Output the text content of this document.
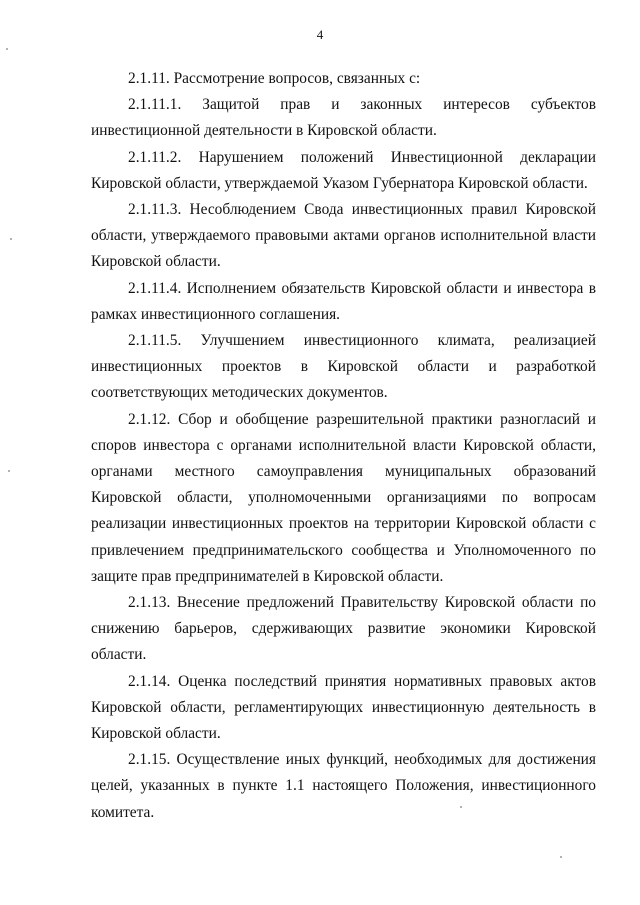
4

2.1.11. Рассмотрение вопросов, связанных с:

2.1.11.1. Защитой прав и законных интересов субъектов инвестиционной деятельности в Кировской области.

2.1.11.2. Нарушением положений Инвестиционной декларации Кировской области, утверждаемой Указом Губернатора Кировской области.

2.1.11.3. Несоблюдением Свода инвестиционных правил Кировской области, утверждаемого правовыми актами органов исполнительной власти Кировской области.

2.1.11.4. Исполнением обязательств Кировской области и инвестора в рамках инвестиционного соглашения.

2.1.11.5. Улучшением инвестиционного климата, реализацией инвестиционных проектов в Кировской области и разработкой соответствующих методических документов.

2.1.12. Сбор и обобщение разрешительной практики разногласий и споров инвестора с органами исполнительной власти Кировской области, органами местного самоуправления муниципальных образований Кировской области, уполномоченными организациями по вопросам реализации инвестиционных проектов на территории Кировской области с привлечением предпринимательского сообщества и Уполномоченного по защите прав предпринимателей в Кировской области.

2.1.13. Внесение предложений Правительству Кировской области по снижению барьеров, сдерживающих развитие экономики Кировской области.

2.1.14. Оценка последствий принятия нормативных правовых актов Кировской области, регламентирующих инвестиционную деятельность в Кировской области.

2.1.15. Осуществление иных функций, необходимых для достижения целей, указанных в пункте 1.1 настоящего Положения, инвестиционного комитета.
